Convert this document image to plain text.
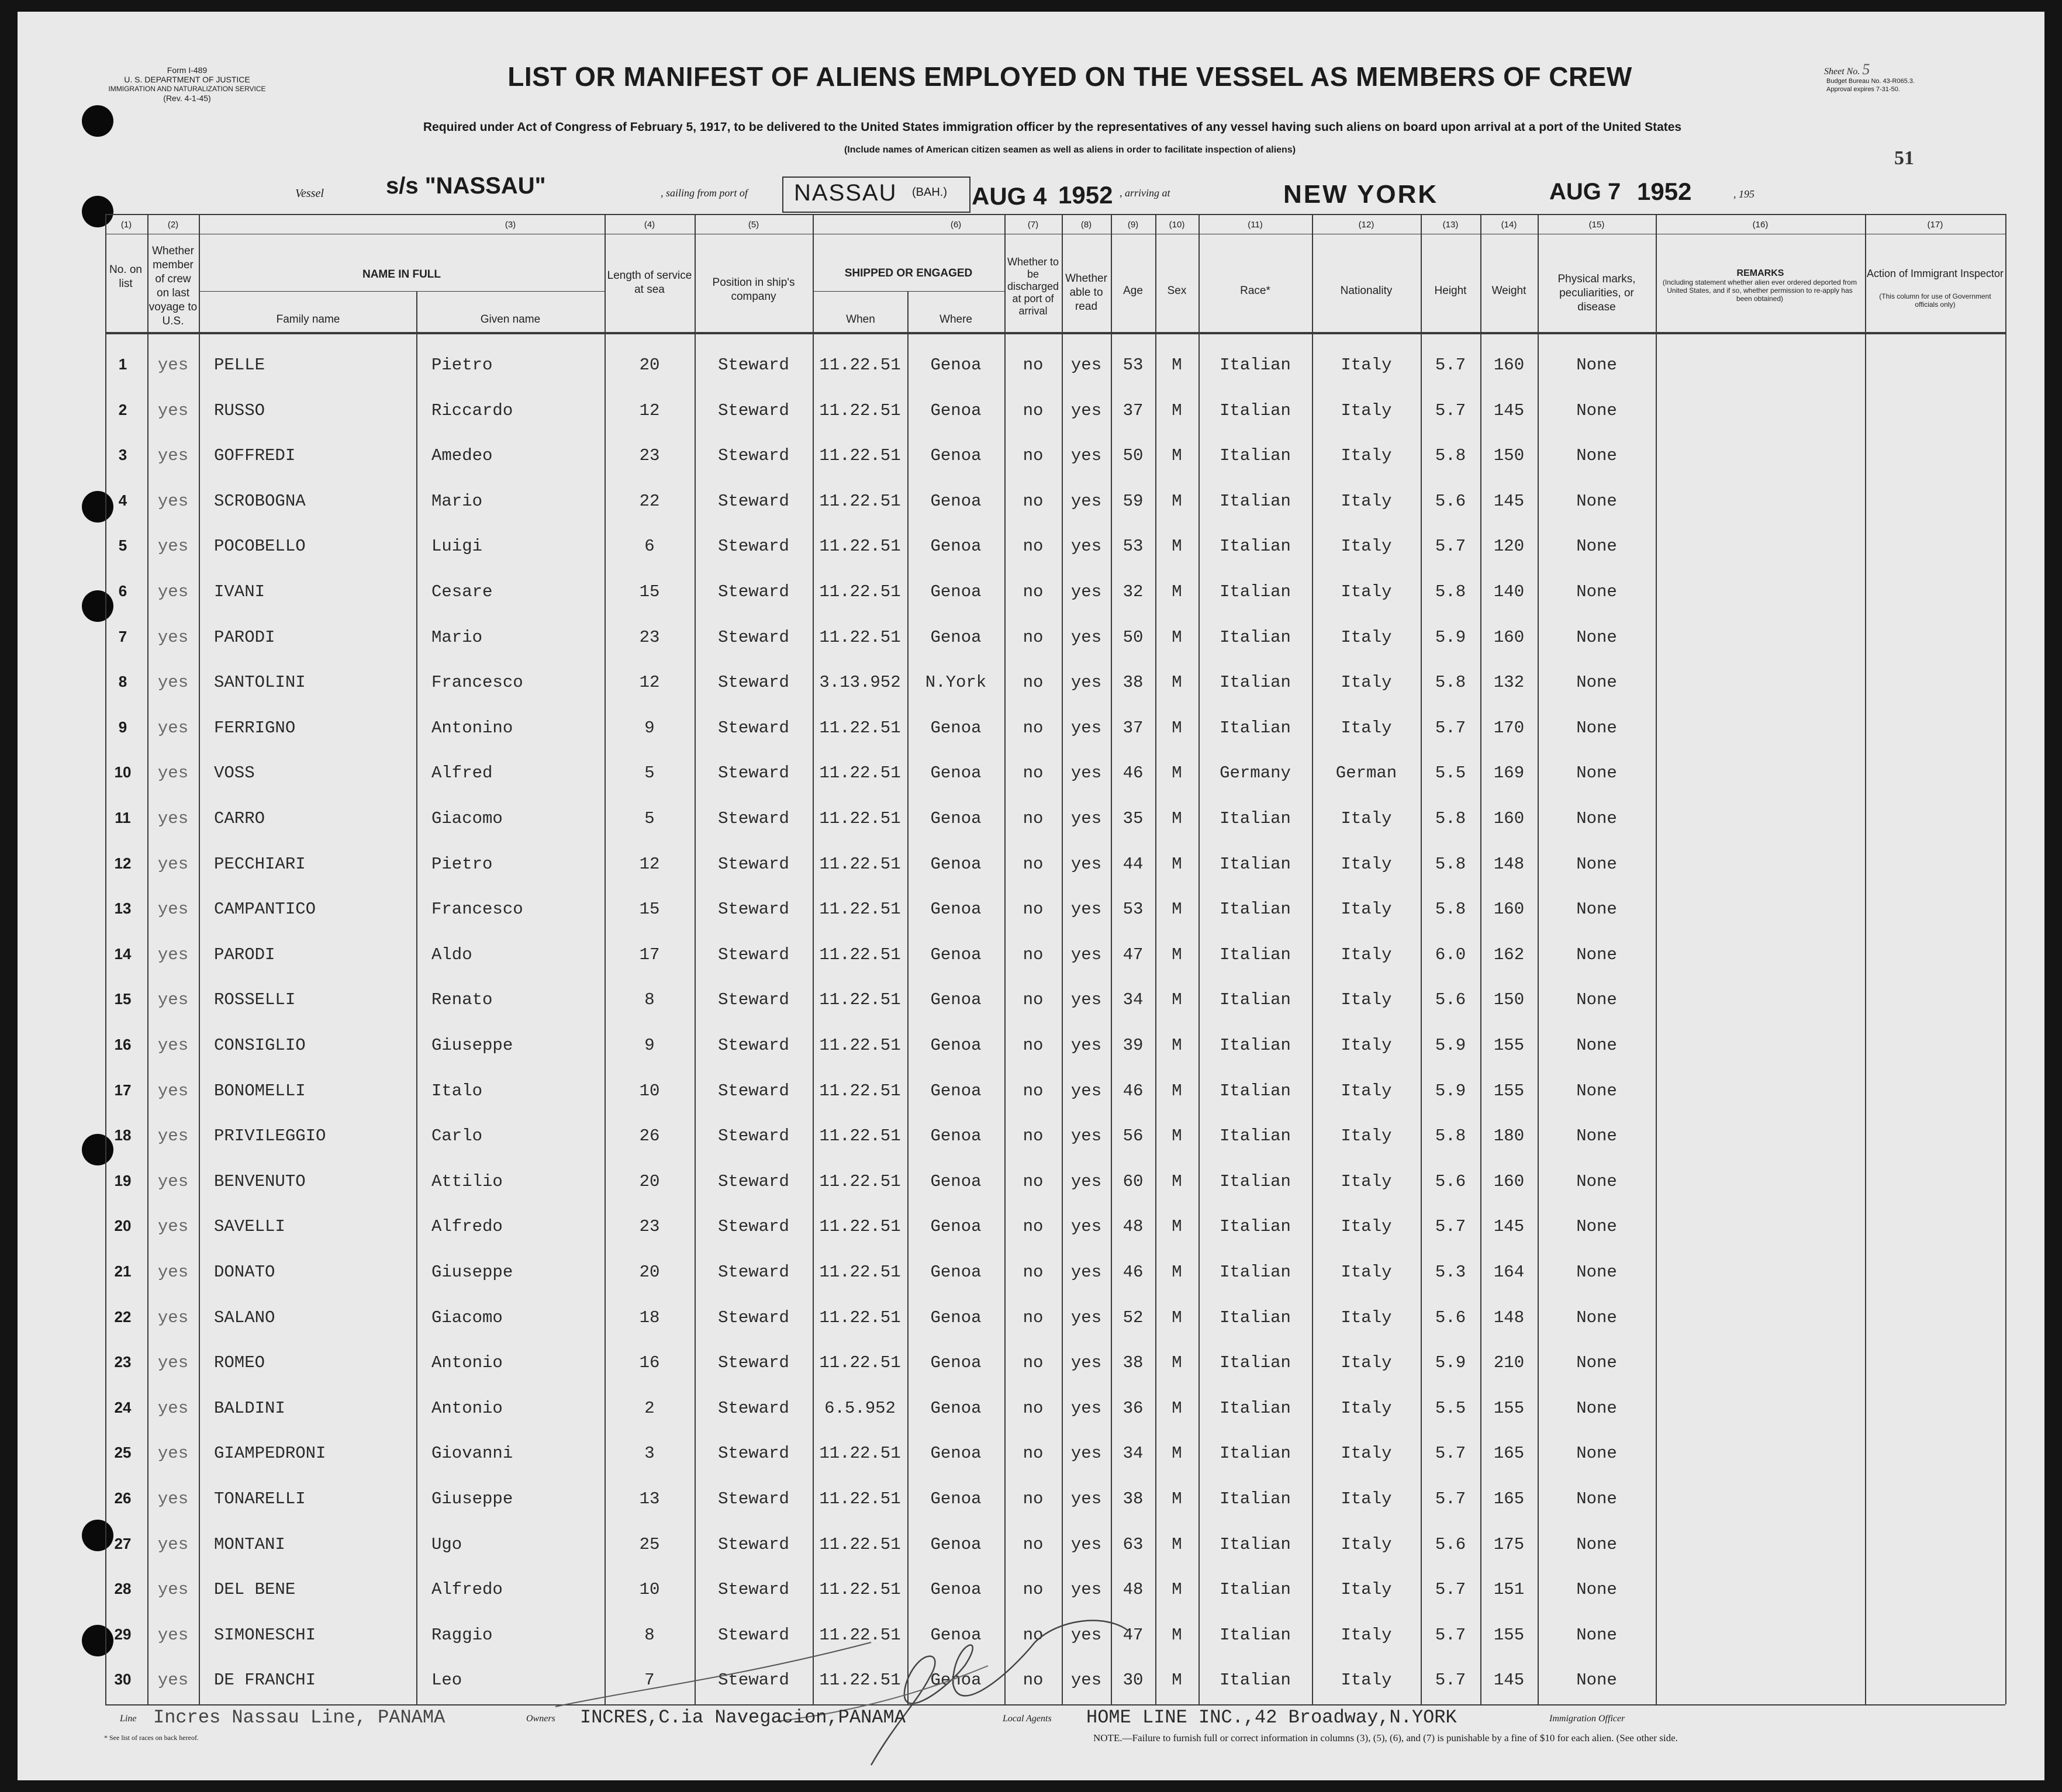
Form I-489
U. S. DEPARTMENT OF JUSTICE
IMMIGRATION AND NATURALIZATION SERVICE
(Rev. 4-1-45)
LIST OR MANIFEST OF ALIENS EMPLOYED ON THE VESSEL AS MEMBERS OF CREW	Sheet No. 5
Budget Bureau No. 43-R065.3.
Approval expires 7-31-50.
51
Required under Act of Congress of February 5, 1917, to be delivered to the United States immigration officer by the representatives of any vessel having such aliens on board upon arrival at a port of the United States
(Include names of American citizen seamen as well as aliens in order to facilitate inspection of aliens)
Vessel	s/s "NASSAU"	, sailing from port of NASSAU (BAH.) AUG 4 1952 , arriving at	NEW YORK	AUG 7 1952	, 195
(1)	(2)	(3)	(4)	(5)	(6)	(7)	(8)	(9)	(10)	(11)	(12)	(13)	(14)	(15)	(16)	(17)
No. on list
Whether member of crew on last voyage to U.S.
NAME IN FULL
Family name	Given name
Length of service at sea
Position in ship's company
SHIPPED OR ENGAGED
When	Where
Whether to be discharged at port of arrival
Whether able to read
Age	Sex	Race*	Nationality	Height	Weight
Physical marks, peculiarities, or disease
REMARKS
(Including statement whether alien ever ordered deported from United States, and if so, whether permission to re-apply has been obtained)
Action of Immigrant Inspector
(This column for use of Government officials only)
1 yes PELLE	Pietro	20	Steward 11.22.51 Genoa no yes 53 M Italian	Italy	5.7 160	None
2 yes RUSSO	Riccardo	12	Steward 11.22.51 Genoa no yes 37 M Italian	Italy	5.7 145	None
3 yes GOFFREDI	Amedeo	23	Steward 11.22.51 Genoa no yes 50 M Italian	Italy	5.8 150	None
4 yes SCROBOGNA	Mario	22	Steward 11.22.51 Genoa no yes 59 M Italian	Italy	5.6 145	None
5 yes POCOBELLO	Luigi	6	Steward 11.22.51 Genoa no yes 53 M Italian	Italy	5.7 120	None
6 yes IVANI	Cesare	15	Steward 11.22.51 Genoa no yes 32 M Italian	Italy	5.8 140	None
7 yes PARODI	Mario	23	Steward 11.22.51 Genoa no yes 50 M Italian	Italy	5.9 160	None
8 yes SANTOLINI	Francesco	12	Steward 3.13.952 N.York no yes 38 M Italian	Italy	5.8 132	None
9 yes FERRIGNO	Antonino	9	Steward 11.22.51 Genoa no yes 37 M Italian	Italy	5.7 170	None
10 yes VOSS	Alfred	5	Steward 11.22.51 Genoa no yes 46 M Germany	German 5.5 169	None
11 yes CARRO	Giacomo	5	Steward 11.22.51 Genoa no yes 35 M Italian	Italy	5.8 160	None
12 yes PECCHIARI	Pietro	12	Steward 11.22.51 Genoa no yes 44 M Italian	Italy	5.8 148	None
13 yes CAMPANTICO	Francesco	15	Steward 11.22.51 Genoa no yes 53 M Italian	Italy	5.8 160	None
14 yes PARODI	Aldo	17	Steward 11.22.51 Genoa no yes 47 M Italian	Italy	6.0 162	None
15 yes ROSSELLI	Renato	8	Steward 11.22.51 Genoa no yes 34 M Italian	Italy	5.6 150	None
16 yes CONSIGLIO	Giuseppe	9	Steward 11.22.51 Genoa no yes 39 M Italian	Italy	5.9 155	None
17 yes BONOMELLI	Italo	10	Steward 11.22.51 Genoa no yes 46 M Italian	Italy	5.9 155	None
18 yes PRIVILEGGIO	Carlo	26	Steward 11.22.51 Genoa no yes 56 M Italian	Italy	5.8 180	None
19 yes BENVENUTO	Attilio	20	Steward 11.22.51 Genoa no yes 60 M Italian	Italy	5.6 160	None
20 yes SAVELLI	Alfredo	23	Steward 11.22.51 Genoa no yes 48 M Italian	Italy	5.7 145	None
21 yes DONATO	Giuseppe	20	Steward 11.22.51 Genoa no yes 46 M Italian	Italy	5.3 164	None
22 yes SALANO	Giacomo	18	Steward 11.22.51 Genoa no yes 52 M Italian	Italy	5.6 148	None
23 yes ROMEO	Antonio	16	Steward 11.22.51 Genoa no yes 38 M Italian	Italy	5.9 210	None
24 yes BALDINI	Antonio	2	Steward 6.5.952 Genoa no yes 36 M Italian	Italy	5.5 155	None
25 yes GIAMPEDRONI	Giovanni	3	Steward 11.22.51 Genoa no yes 34 M Italian	Italy	5.7 165	None
26 yes TONARELLI	Giuseppe	13	Steward 11.22.51 Genoa no yes 38 M Italian	Italy	5.7 165	None
27 yes MONTANI	Ugo	25	Steward 11.22.51 Genoa no yes 63 M Italian	Italy	5.6 175	None
28 yes DEL BENE	Alfredo	10	Steward 11.22.51 Genoa no yes 48 M Italian	Italy	5.7 151	None
29 yes SIMONESCHI	Raggio	8	Steward 11.22.51 Genoa no yes 47 M Italian	Italy	5.7 155	None
30 yes DE FRANCHI	Leo	7	Steward 11.22.51 Genoa no yes 30 M Italian	Italy	5.7 145	None
Line Incres Nassau Line, PANAMA	Owners INCRES,C.ia Navegacion,PANAMA	Local Agents HOME LINE INC.,42 Broadway,N.YORK	Immigration Officer
* See list of races on back hereof.	NOTE.—Failure to furnish full or correct information in columns (3), (5), (6), and (7) is punishable by a fine of $10 for each alien. (See other side.
